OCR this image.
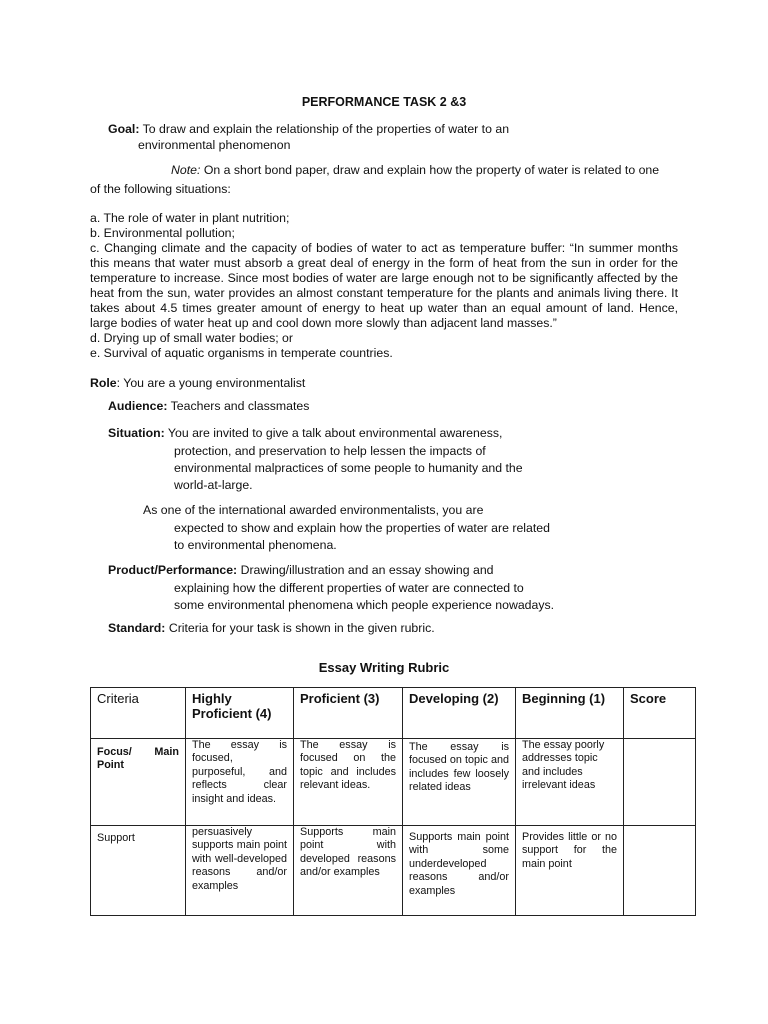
PERFORMANCE TASK 2 &3
Goal: To draw and explain the relationship of the properties of water to an
environmental phenomenon
Note: On a short bond paper, draw and explain how the property of water is related to one
of the following situations:
a. The role of water in plant nutrition;
b. Environmental pollution;
c. Changing climate and the capacity of bodies of water to act as temperature buffer: “In summer months this means that water must absorb a great deal of energy in the form of heat from the sun in order for the temperature to increase. Since most bodies of water are large enough not to be significantly affected by the heat from the sun, water provides an almost constant temperature for the plants and animals living there. It takes about 4.5 times greater amount of energy to heat up water than an equal amount of land. Hence, large bodies of water heat up and cool down more slowly than adjacent land masses.”
d. Drying up of small water bodies; or
e. Survival of aquatic organisms in temperate countries.
Role: You are a young environmentalist
Audience: Teachers and classmates
Situation: You are invited to give a talk about environmental awareness,
protection, and preservation to help lessen the impacts of
environmental malpractices of some people to humanity and the
world-at-large.
As one of the international awarded environmentalists, you are
expected to show and explain how the properties of water are related
to environmental phenomena.
Product/Performance: Drawing/illustration and an essay showing and
explaining how the different properties of water are connected to
some environmental phenomena which people experience nowadays.
Standard: Criteria for your task is shown in the given rubric.
Essay Writing Rubric
Criteria	Highly Proficient (4)	Proficient (3)	Developing (2)	Beginning (1)	Score
Focus/ Main Point	The essay is focused, purposeful, and reflects clear insight and ideas.	The essay is focused on the topic and includes relevant ideas.	The essay is focused on topic and includes few loosely related ideas	The essay poorly addresses topic and includes irrelevant ideas	
Support	persuasively supports main point with well-developed reasons and/or examples	Supports main point with developed reasons and/or examples	Supports main point with some underdeveloped reasons and/or examples	Provides little or no support for the main point	
